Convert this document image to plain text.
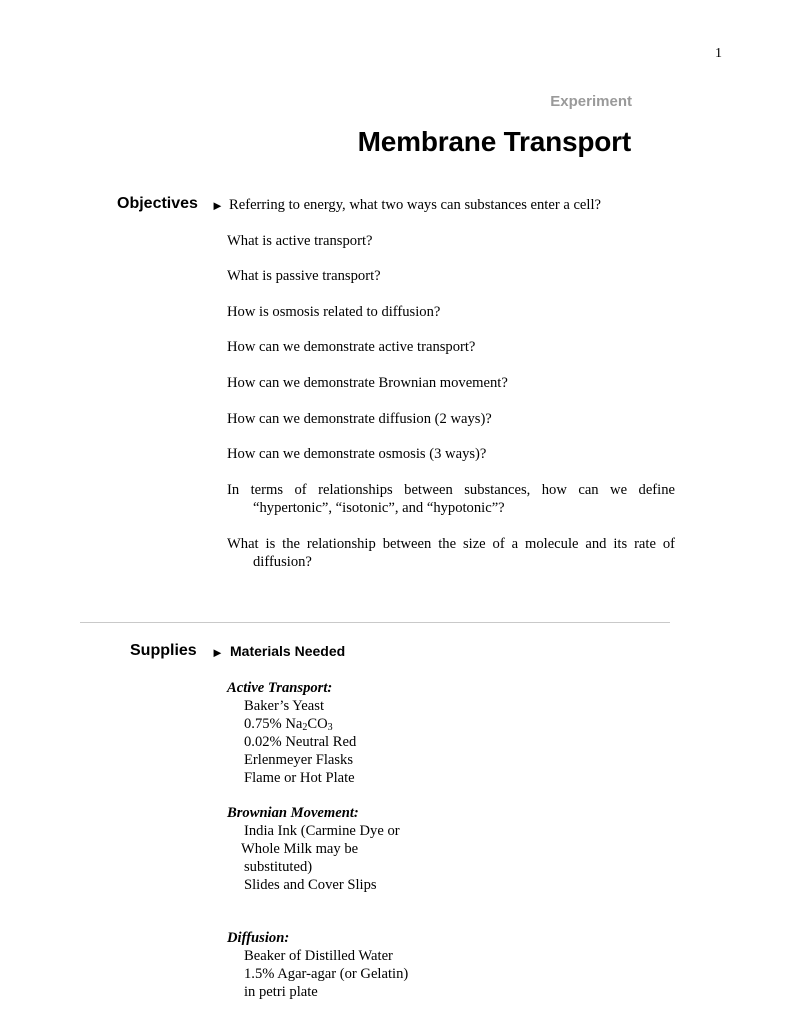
1
Experiment
Membrane Transport
Objectives ► Referring to energy, what two ways can substances enter a cell?
What is active transport?
What is passive transport?
How is osmosis related to diffusion?
How can we demonstrate active transport?
How can we demonstrate Brownian movement?
How can we demonstrate diffusion (2 ways)?
How can we demonstrate osmosis (3 ways)?
In terms of relationships between substances, how can we define
“hypertonic”, “isotonic”, and “hypotonic”?
What is the relationship between the size of a molecule and its rate of
diffusion?
Supplies ► Materials Needed
Active Transport:
Baker’s Yeast
0.75% $Na_2CO_3$
0.02% Neutral Red
Erlenmeyer Flasks
Flame or Hot Plate
Brownian Movement:
India Ink (Carmine Dye or
Whole Milk may be
substituted)
Slides and Cover Slips
Diffusion:
Beaker of Distilled Water
1.5% Agar-agar (or Gelatin)
in petri plate
